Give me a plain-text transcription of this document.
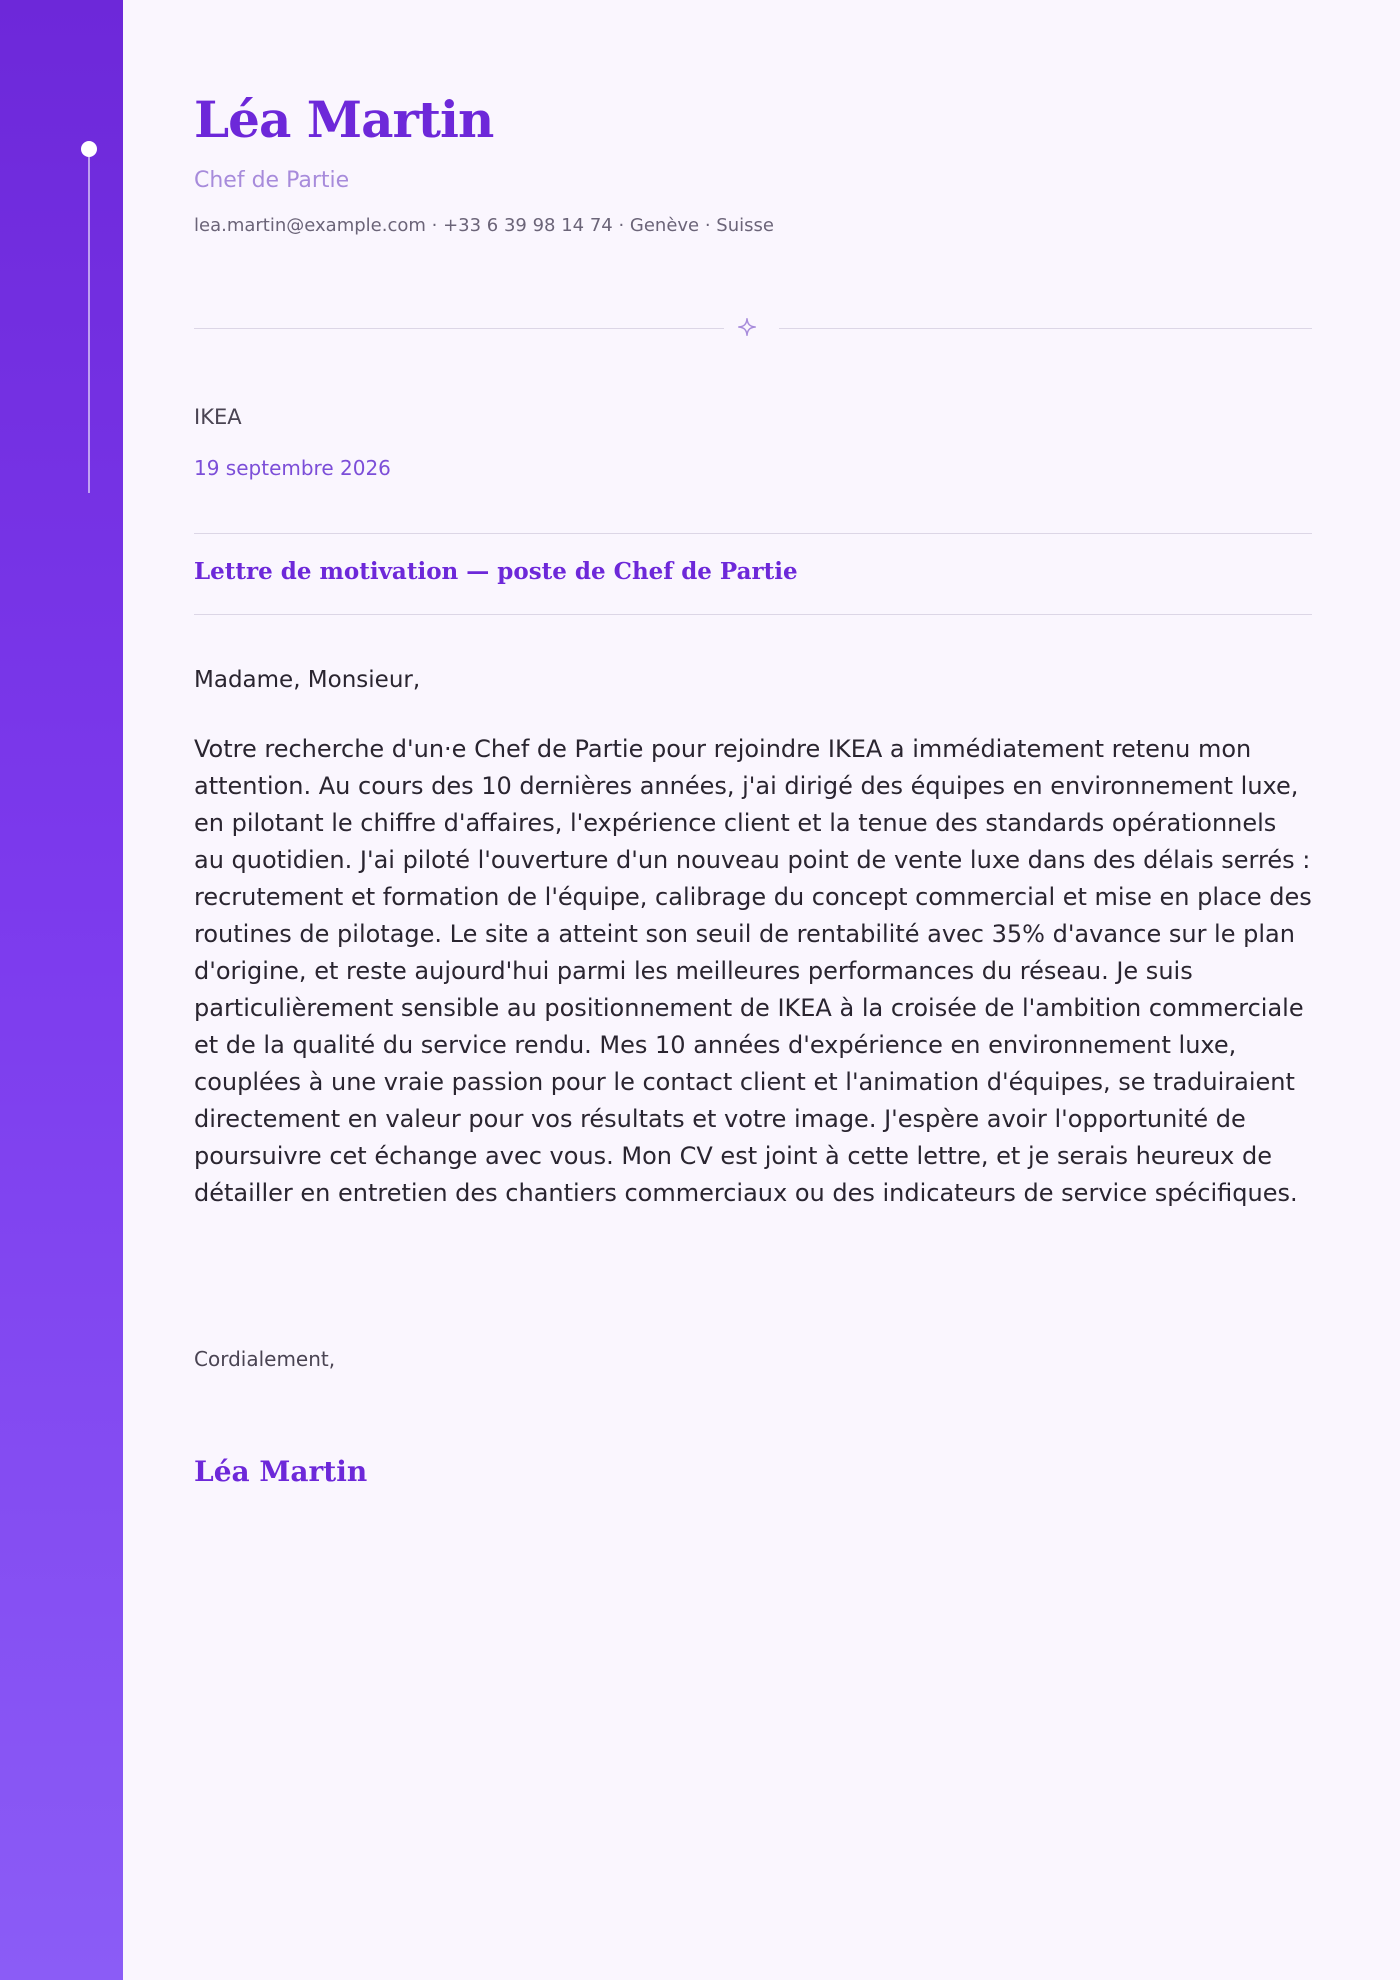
Léa Martin
Chef de Partie
lea.martin@example.com · +33 6 39 98 14 74 · Genève · Suisse
IKEA
19 septembre 2026
Lettre de motivation — poste de Chef de Partie
Madame, Monsieur,

Votre recherche d'un·e Chef de Partie pour rejoindre IKEA a immédiatement retenu mon attention. Au cours des 10 dernières années, j'ai dirigé des équipes en environnement luxe, en pilotant le chiffre d'affaires, l'expérience client et la tenue des standards opérationnels au quotidien. J'ai piloté l'ouverture d'un nouveau point de vente luxe dans des délais serrés : recrutement et formation de l'équipe, calibrage du concept commercial et mise en place des routines de pilotage. Le site a atteint son seuil de rentabilité avec 35% d'avance sur le plan d'origine, et reste aujourd'hui parmi les meilleures performances du réseau. Je suis particulièrement sensible au positionnement de IKEA à la croisée de l'ambition commerciale et de la qualité du service rendu. Mes 10 années d'expérience en environnement luxe, couplées à une vraie passion pour le contact client et l'animation d'équipes, se traduiraient directement en valeur pour vos résultats et votre image. J'espère avoir l'opportunité de poursuivre cet échange avec vous. Mon CV est joint à cette lettre, et je serais heureux de détailler en entretien des chantiers commerciaux ou des indicateurs de service spécifiques.

Cordialement,
Léa Martin
